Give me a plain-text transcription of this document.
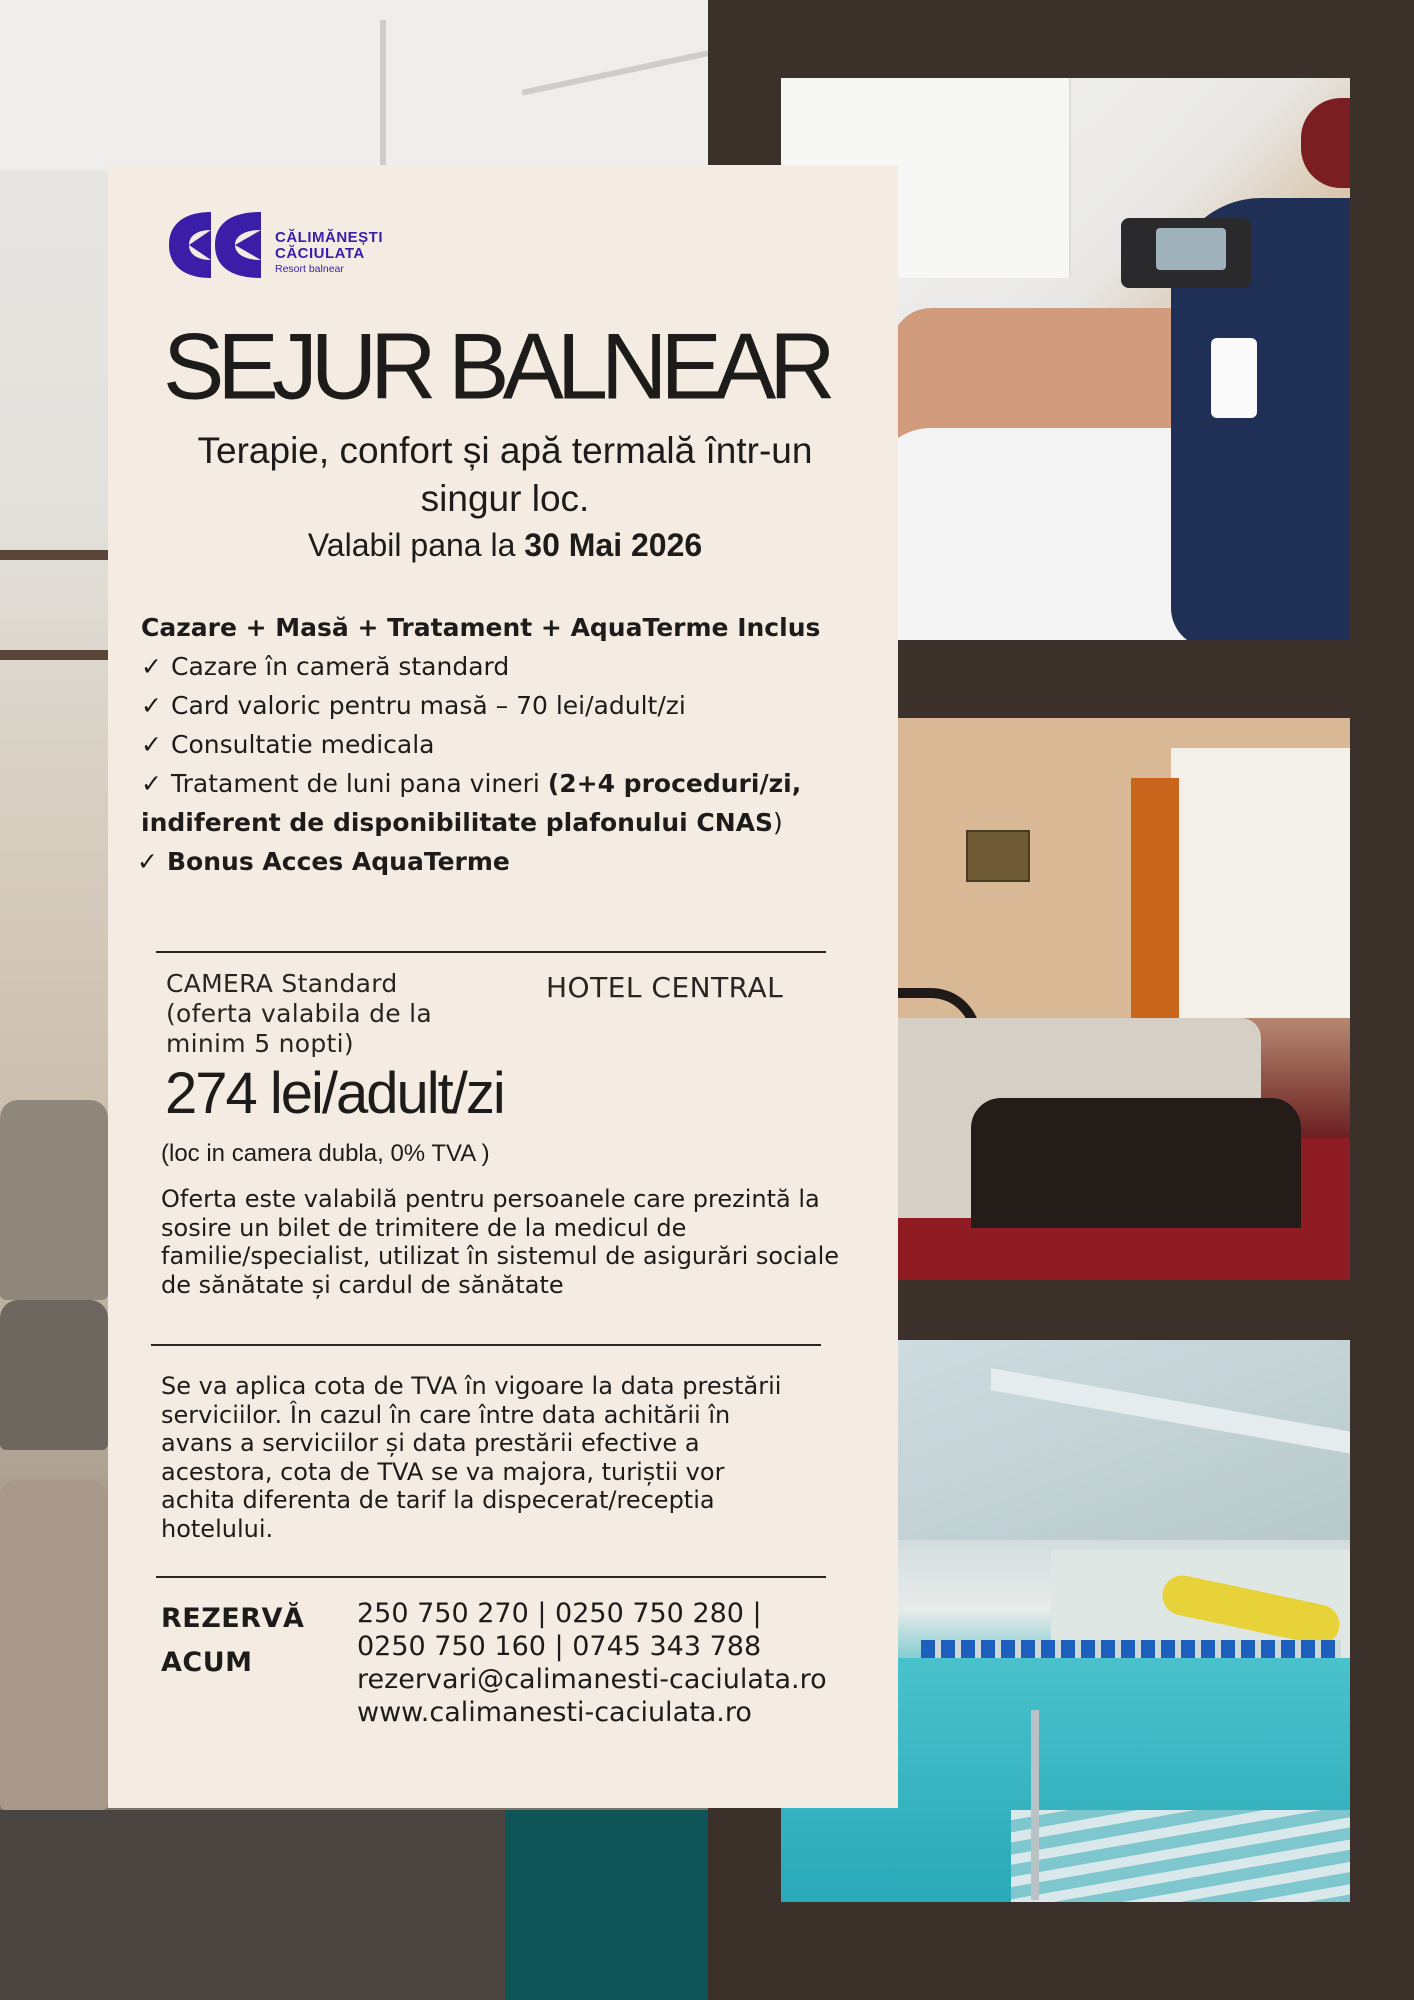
CĂLIMĂNEȘTI
CĂCIULATA
Resort balnear
SEJUR BALNEAR
Terapie, confort și apă termală într-un singur loc.
Valabil pana la 30 Mai 2026
Cazare + Masă + Tratament + AquaTerme Inclus
✓ Cazare în cameră standard
✓ Card valoric pentru masă – 70 lei/adult/zi
✓ Consultatie medicala
✓ Tratament de luni pana vineri (2+4 proceduri/zi, indiferent de disponibilitate plafonului CNAS)
✓ Bonus Acces AquaTerme
CAMERA Standard (oferta valabila de la minim 5 nopti)
HOTEL CENTRAL
274 lei/adult/zi
(loc in camera dubla, 0% TVA )
Oferta este valabilă pentru persoanele care prezintă la sosire un bilet de trimitere de la medicul de familie/specialist, utilizat în sistemul de asigurări sociale de sănătate și cardul de sănătate
Se va aplica cota de TVA în vigoare la data prestării serviciilor. În cazul în care între data achitării în avans a serviciilor și data prestării efective a acestora, cota de TVA se va majora, turiștii vor achita diferenta de tarif la dispecerat/receptia hotelului.
REZERVĂ ACUM
250 750 270 | 0250 750 280 |
0250 750 160 | 0745 343 788
rezervari@calimanesti-caciulata.ro
www.calimanesti-caciulata.ro
